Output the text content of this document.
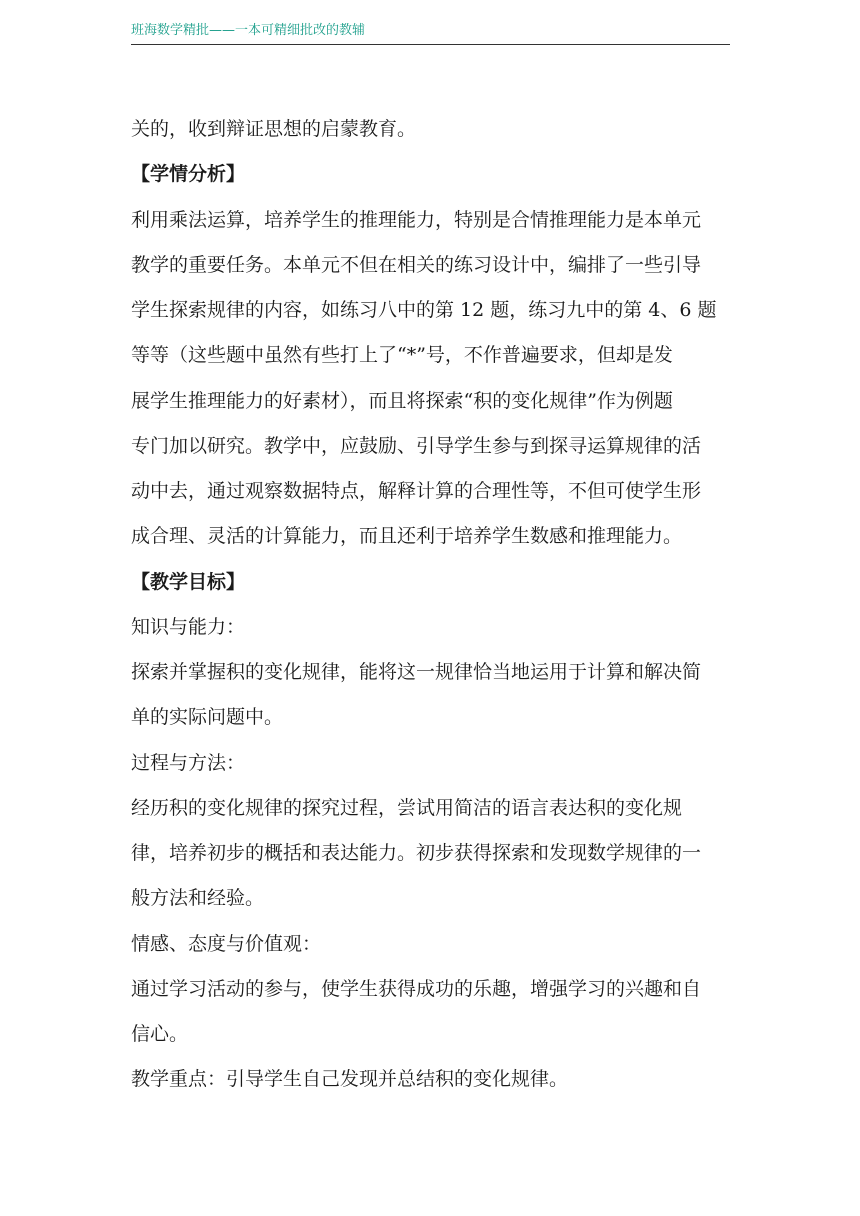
班海数学精批——一本可精细批改的教辅
关的，收到辩证思想的启蒙教育。
【学情分析】
利用乘法运算，培养学生的推理能力，特别是合情推理能力是本单元
教学的重要任务。本单元不但在相关的练习设计中，编排了一些引导
学生探索规律的内容，如练习八中的第 12 题，练习九中的第 4、6 题
等等（这些题中虽然有些打上了“*”号，不作普遍要求，但却是发
展学生推理能力的好素材），而且将探索“积的变化规律”作为例题
专门加以研究。教学中，应鼓励、引导学生参与到探寻运算规律的活
动中去，通过观察数据特点，解释计算的合理性等，不但可使学生形
成合理、灵活的计算能力，而且还利于培养学生数感和推理能力。
【教学目标】
知识与能力：
探索并掌握积的变化规律，能将这一规律恰当地运用于计算和解决简
单的实际问题中。
过程与方法：
经历积的变化规律的探究过程，尝试用简洁的语言表达积的变化规
律，培养初步的概括和表达能力。初步获得探索和发现数学规律的一
般方法和经验。
情感、态度与价值观：
通过学习活动的参与，使学生获得成功的乐趣，增强学习的兴趣和自
信心。
教学重点：引导学生自己发现并总结积的变化规律。
